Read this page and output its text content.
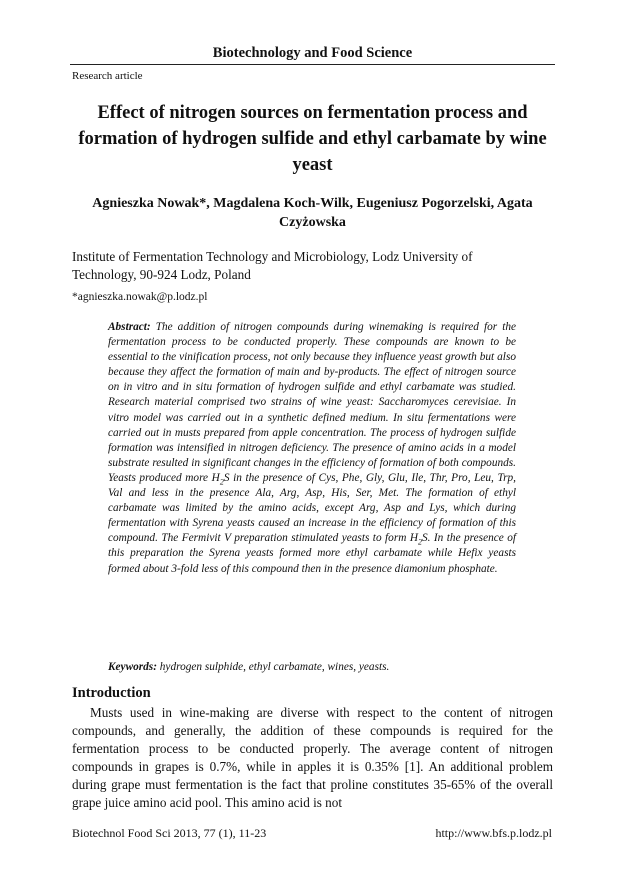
Biotechnology and Food Science
Research article
Effect of nitrogen sources on fermentation process and formation of hydrogen sulfide and ethyl carbamate by wine yeast
Agnieszka Nowak*, Magdalena Koch-Wilk, Eugeniusz Pogorzelski, Agata Czyżowska
Institute of Fermentation Technology and Microbiology, Lodz University of Technology, 90-924 Lodz, Poland
*agnieszka.nowak@p.lodz.pl
Abstract: The addition of nitrogen compounds during winemaking is required for the fermentation process to be conducted properly. These compounds are known to be essential to the vinification process, not only because they influence yeast growth but also because they affect the formation of main and by-products. The effect of nitrogen source on in vitro and in situ formation of hydrogen sulfide and ethyl carbamate was studied. Research material comprised two strains of wine yeast: Saccharomyces cerevisiae. In vitro model was carried out in a synthetic defined medium. In situ fermentations were carried out in musts prepared from apple concentration. The process of hydrogen sulfide formation was intensified in nitrogen deficiency. The presence of amino acids in a model substrate resulted in significant changes in the efficiency of formation of both compounds. Yeasts produced more $H_2S$ in the presence of Cys, Phe, Gly, Glu, Ile, Thr, Pro, Leu, Trp, Val and less in the presence Ala, Arg, Asp, His, Ser, Met. The formation of ethyl carbamate was limited by the amino acids, except Arg, Asp and Lys, which during fermentation with Syrena yeasts caused an increase in the efficiency of formation of this compound. The Fermivit V preparation stimulated yeasts to form $H_2S$. In the presence of this preparation the Syrena yeasts formed more ethyl carbamate while Hefix yeasts formed about 3-fold less of this compound then in the presence diamonium phosphate.
Keywords: hydrogen sulphide, ethyl carbamate, wines, yeasts.
Introduction
Musts used in wine-making are diverse with respect to the content of nitrogen compounds, and generally, the addition of these compounds is required for the fermentation process to be conducted properly. The average content of nitrogen compounds in grapes is 0.7%, while in apples it is 0.35% [1]. An additional problem during grape must fermentation is the fact that proline constitutes 35-65% of the overall grape juice amino acid pool. This amino acid is not
Biotechnol Food Sci 2013, 77 (1), 11-23	http://www.bfs.p.lodz.pl
